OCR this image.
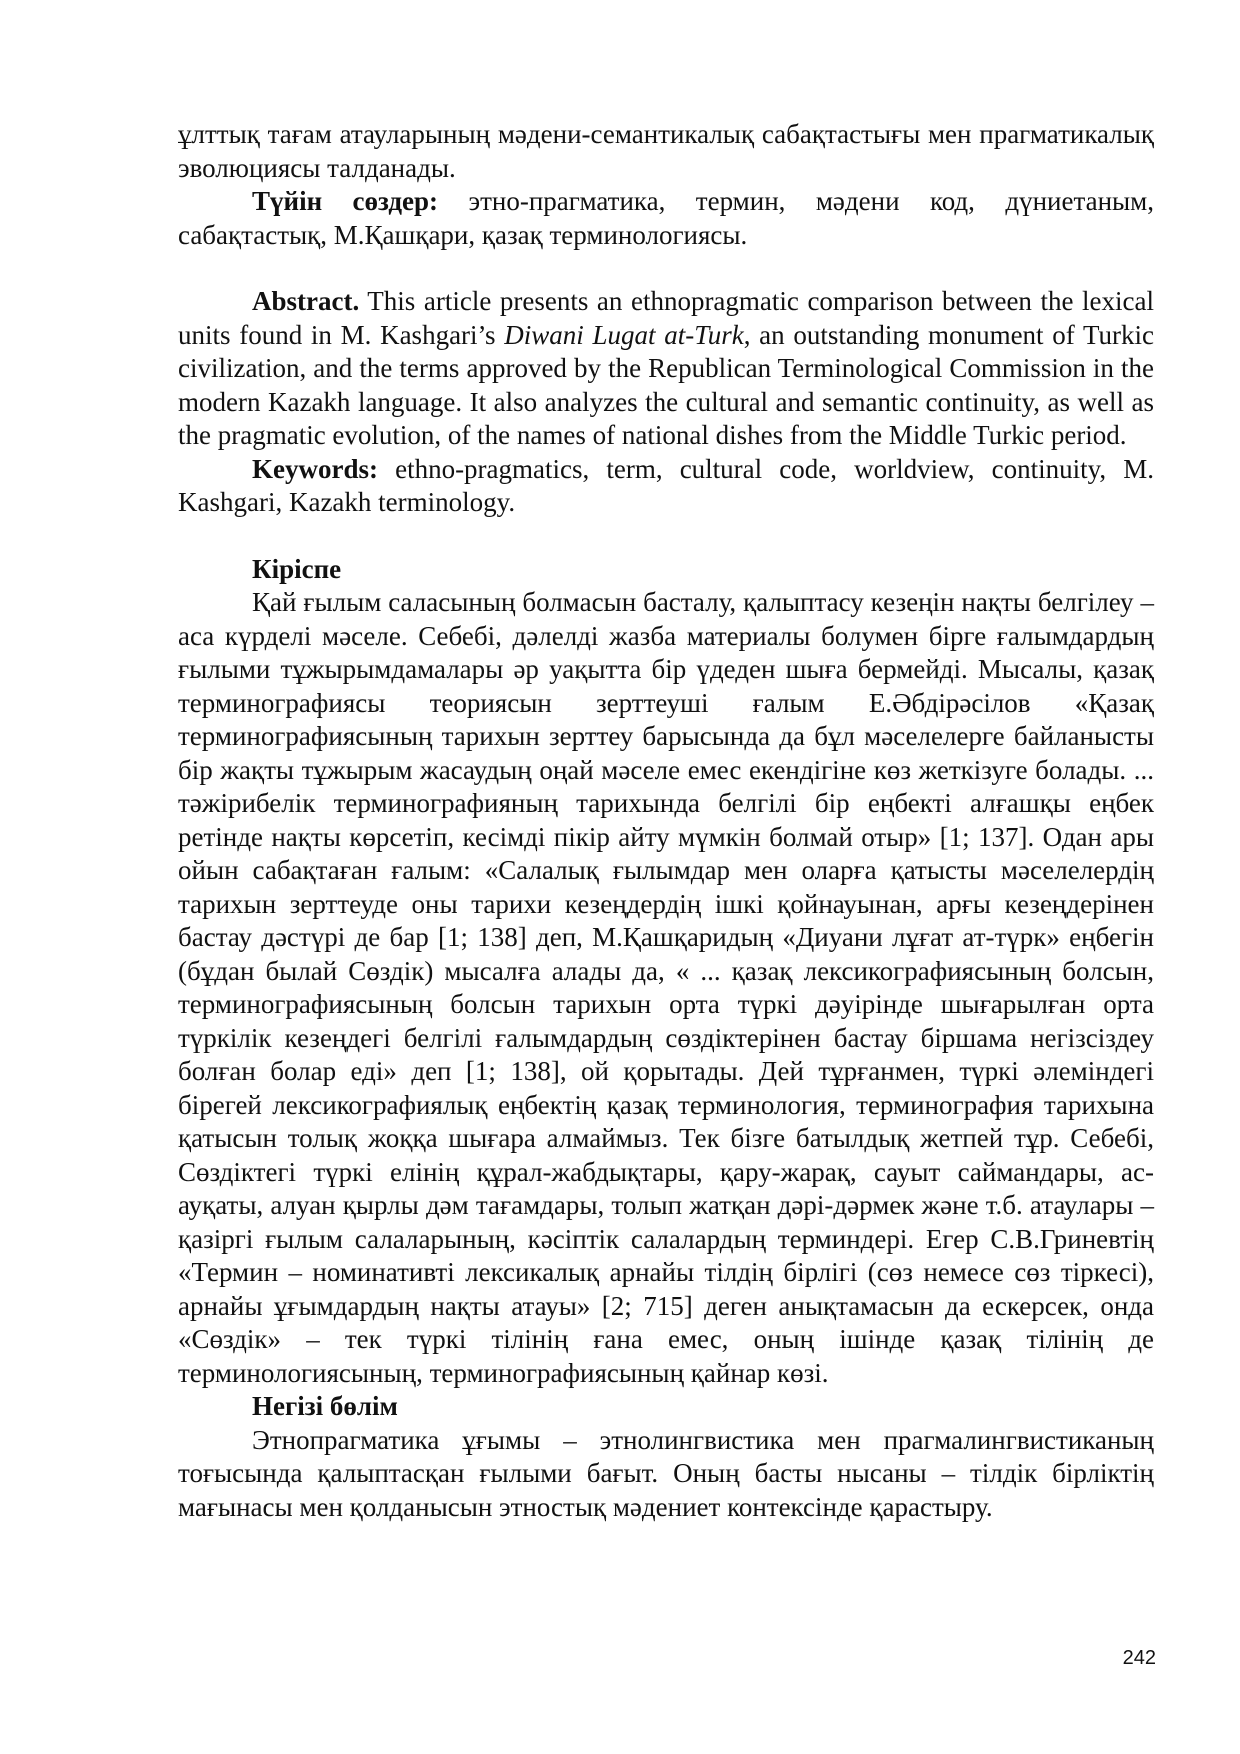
ұлттық тағам атауларының мәдени-семантикалық сабақтастығы мен прагматикалық эволюциясы талданады.

Түйін сөздер: этно-прагматика, термин, мәдени код, дүниетаным, сабақтастық, М.Қашқари, қазақ терминологиясы.

Abstract. This article presents an ethnopragmatic comparison between the lexical units found in M. Kashgari’s Diwani Lugat at-Turk, an outstanding monument of Turkic civilization, and the terms approved by the Republican Terminological Commission in the modern Kazakh language. It also analyzes the cultural and semantic continuity, as well as the pragmatic evolution, of the names of national dishes from the Middle Turkic period.

Keywords: ethno-pragmatics, term, cultural code, worldview, continuity, M. Kashgari, Kazakh terminology.

Кіріспе

Қай ғылым саласының болмасын басталу, қалыптасу кезеңін нақты белгілеу – аса күрделі мәселе. Себебі, дәлелді жазба материалы болумен бірге ғалымдардың ғылыми тұжырымдамалары әр уақытта бір үдеден шыға бермейді. Мысалы, қазақ терминографиясы теориясын зерттеуші ғалым Е.Әбдірәсілов «Қазақ терминографиясының тарихын зерттеу барысында да бұл мәселелерге байланысты бір жақты тұжырым жасаудың оңай мәселе емес екендігіне көз жеткізуге болады. ... тәжірибелік терминографияның тарихында белгілі бір еңбекті алғашқы еңбек ретінде нақты көрсетіп, кесімді пікір айту мүмкін болмай отыр» [1; 137]. Одан ары ойын сабақтаған ғалым: «Салалық ғылымдар мен оларға қатысты мәселелердің тарихын зерттеуде оны тарихи кезеңдердің ішкі қойнауынан, арғы кезеңдерінен бастау дәстүрі де бар [1; 138] деп, М.Қашқаридың «Диуани лұғат ат-түрк» еңбегін (бұдан былай Сөздік) мысалға алады да, « ... қазақ лексикографиясының болсын, терминографиясының болсын тарихын орта түркі дәуірінде шығарылған орта түркілік кезеңдегі белгілі ғалымдардың сөздіктерінен бастау біршама негізсіздеу болған болар еді» деп [1; 138], ой қорытады. Дей тұрғанмен, түркі әлеміндегі бірегей лексикографиялық еңбектің қазақ терминология, терминография тарихына қатысын толық жоққа шығара алмаймыз. Тек бізге батылдық жетпей тұр. Себебі, Сөздіктегі түркі елінің құрал-жабдықтары, қару-жарақ, сауыт саймандары, ас-ауқаты, алуан қырлы дәм тағамдары, толып жатқан дәрі-дәрмек және т.б. атаулары – қазіргі ғылым салаларының, кәсіптік салалардың терминдері. Егер С.В.Гриневтің «Термин – номинативті лексикалық арнайы тілдің бірлігі (сөз немесе сөз тіркесі), арнайы ұғымдардың нақты атауы» [2; 715] деген анықтамасын да ескерсек, онда «Сөздік» – тек түркі тілінің ғана емес, оның ішінде қазақ тілінің де терминологиясының, терминографиясының қайнар көзі.

Негізі бөлім

Этнопрагматика ұғымы – этнолингвистика мен прагмалингвистиканың тоғысында қалыптасқан ғылыми бағыт. Оның басты нысаны – тілдік бірліктің мағынасы мен қолданысын этностық мәдениет контексінде қарастыру.

242
